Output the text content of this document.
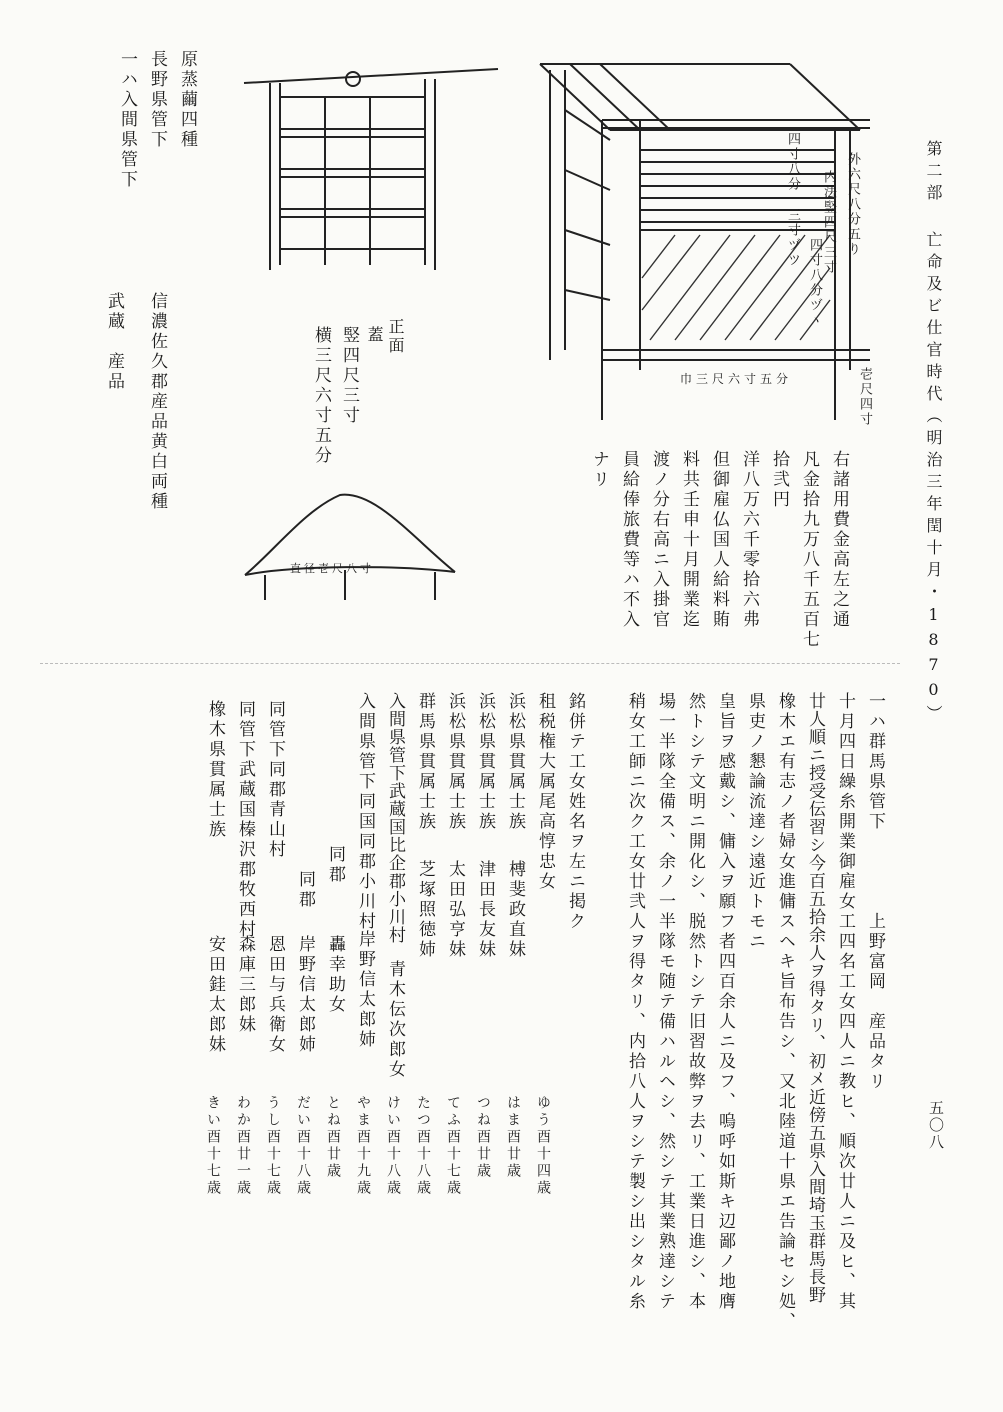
第二部 亡命及ビ仕官時代（明治三年閏十月・1870）
五〇八
外六尺八分五り
内法竪四尺三寸
四寸八分
三寸ヅツ 四寸八分ヅヽ
壱尺四寸
巾三尺六寸五分
正面
蓋
竪四尺三寸
横三尺六寸五分
直径壱尺八寸	右諸用費金高左之通
凡金拾九万八千五百七
拾弐円
洋八万六千零拾六弗
但御雇仏国人給料賄
料共壬申十月開業迄
渡ノ分右高ニ入掛官
員給俸旅費等ハ不入
ナリ
一ハ入間県管下 長野県管下 原蒸繭四種
信濃佐久郡産品黄白両種
武蔵　産品
一ハ群馬県管下　　　　上野富岡　産品タリ
十月四日繰糸開業御雇女工四名工女四人ニ教ヒ、順次廿人ニ及ヒ、其
廿人順ニ授受伝習シ今百五拾余人ヲ得タリ、初メ近傍五県入間埼玉群馬長野
橡木エ有志ノ者婦女進傭スヘキ旨布告シ、又北陸道十県エ告論セシ処、
県吏ノ懇論流達シ遠近トモニ
皇旨ヲ感戴シ、傭入ヲ願フ者四百余人ニ及フ、嗚呼如斯キ辺鄙ノ地膺
然トシテ文明ニ開化シ、脱然トシテ旧習故弊ヲ去リ、工業日進シ、本
場一半隊全備ス、余ノ一半隊モ随テ備ハルヘシ、然シテ其業熟達シテ
稍女工師ニ次ク工女廿弐人ヲ得タリ、内拾八人ヲシテ製シ出シタル糸
銘併テ工女姓名ヲ左ニ掲ク
租税権大属尾高惇忠女
ゆう酉十四歳
浜松県貫属士族
榑斐政直妹
はま酉廿歳
浜松県貫属士族
津田長友妹
つね酉廿歳
浜松県貫属士族
太田弘亨妹
てふ酉十七歳
群馬県貫属士族
芝塚照徳姉
たつ酉十八歳
入間県管下武蔵国比企郡小川村
青木伝次郎女
けい酉十八歳
入間県管下同国同郡小川村
岸野信太郎姉
やま酉十九歳
同郡
轟幸助女
とね酉廿歳
同郡
岸野信太郎姉
だい酉十八歳
同管下同郡青山村
恩田与兵衛女
うし酉十七歳
同管下武蔵国榛沢郡牧西村
森庫三郎妹
わか酉廿一歳
橡木県貫属士族
安田銈太郎妹
きい酉十七歳
